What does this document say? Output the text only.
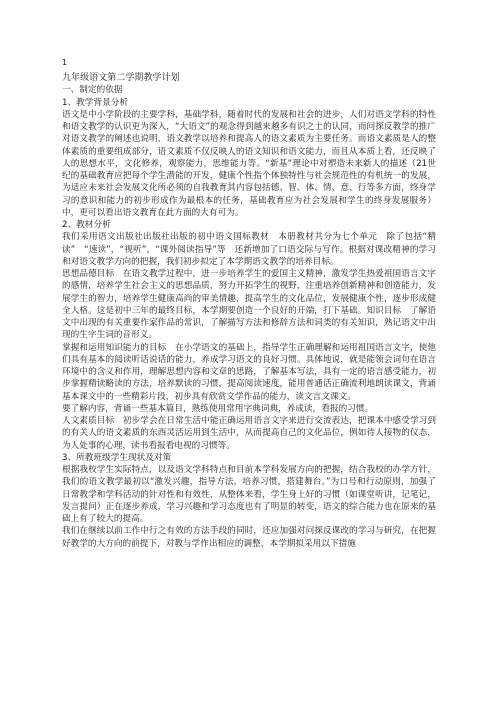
1

九年级语文第二学期教学计划

一、制定的依据

1、教学背景分析

语文是中小学阶段的主要学科，基础学科，随着时代的发展和社会的进步，人们对语文学科的特性和语文教学的认识更为深入，“大语文”的观念得到越来越多有识之士的认同，而问探反教学的推广对语文教学的阐述也说明，语文教学以培养和提高人的语文素质为主要任务。而语文素质是人的整体素质的重要组成部分，语文素质不仅反映人的语文知识和语文能力，而且从本质上看，还反映了人的思想水平，文化修养，观察能力，思维能力等。“新基”理论中对塑造未来新人的描述（21世纪的基础教育应把每个学生潜能的开发，健康个性指个体独特性与社会规范性的有机统一的发展，为适应未来社会发展文化所必须的自我教育其内容包括德、智、体、情、意、行等多方面，终身学习的意识和能力的初步形成作为最根本的任务，基础教育应为社会发展和学生的终身发展服务）中，更可以看出语文教育在此方面的大有可为。

2、教材分析

我们采用语文出版社出版社出版的初中语文国标教材　本册教材共分为七个单元　除了包括“精读”　“速读”，“视听”，“课外阅读指导”等　还新增加了口语交际与写作。根据对课改精神的学习和对语文教学方向的把握，我们初步拟定了本学期语文教学的培养目标。

思想品德目标　在语文教学过程中，进一步培养学生的爱国主义精神，激发学生热爱祖国语言文字的感情，培养学生社会主义的思想品质，努力开拓学生的视野，注重培养创新精神和创造能力，发展学生的智力，培养学生健康高尚的审美情趣，提高学生的文化品位，发展健康个性，逐步形成健全人格。这是初中三年的最终目标，本学期要创造一个良好的开端，打下基础。知识目标　了解语文中出现的有关重要作家作品的常识，了解描写方法和修辞方法和词类的有关知识，熟记语文中出现的生字生词的音形义。

掌握和运用知识能力的目标　在小学语文的基础上，指导学生正确理解和运用祖国语言文字，使他们具有基本的阅读听话说话的能力，养成学习语文的良好习惯。具体地说，就是能领会词句在语言环境中的含义和作用，理解思想内容和文章的思路，了解基本写法，具有一定的语言感受能力，初步掌握精读略读的方法，培养默读的习惯，提高阅读速度，能用普通话正确流利地朗读课文，背诵基本课文中的一些精彩片段，初步具有欣赏文学作品的能力，读文言文课文。

要了解内容，背诵一些基本篇目，熟练使用常用字典词典，养成读，看报的习惯。

人文素质目标　初步学会在日常生活中能正确运用语言文字来进行交流表达，把课本中感受学习到的有关人的语文素质的东西灵活运用到生活中，从而提高自己的文化品位，例如待人接物的仪态，为人处事的心理，读书看报看电视的习惯等。

3、所教班级学生现状及对策

根据我校学生实际特点，以及语文学科特点和目前本学科发展方向的把握，结合我校的办学方针，我们的语文教学最初以“激发兴趣，指导方法，培养习惯，搭建舞台。”为口号和行动原则，加强了日常教学和学科活动的针对性和有效性，从整体来看，学生身上好的习惯（如课堂听讲，记笔记，发言提问）正在逐步养成，学习兴趣和学习态度也有了明显的转变，语文的综合能力也在原来的基础上有了较大的提高。

我们在继续以前工作中行之有效的方法手段的同时，还应加强对问探反课改的学习与研究，在把握好教学的大方向的前提下，对教与学作出相应的调整，本学期拟采用以下措施
